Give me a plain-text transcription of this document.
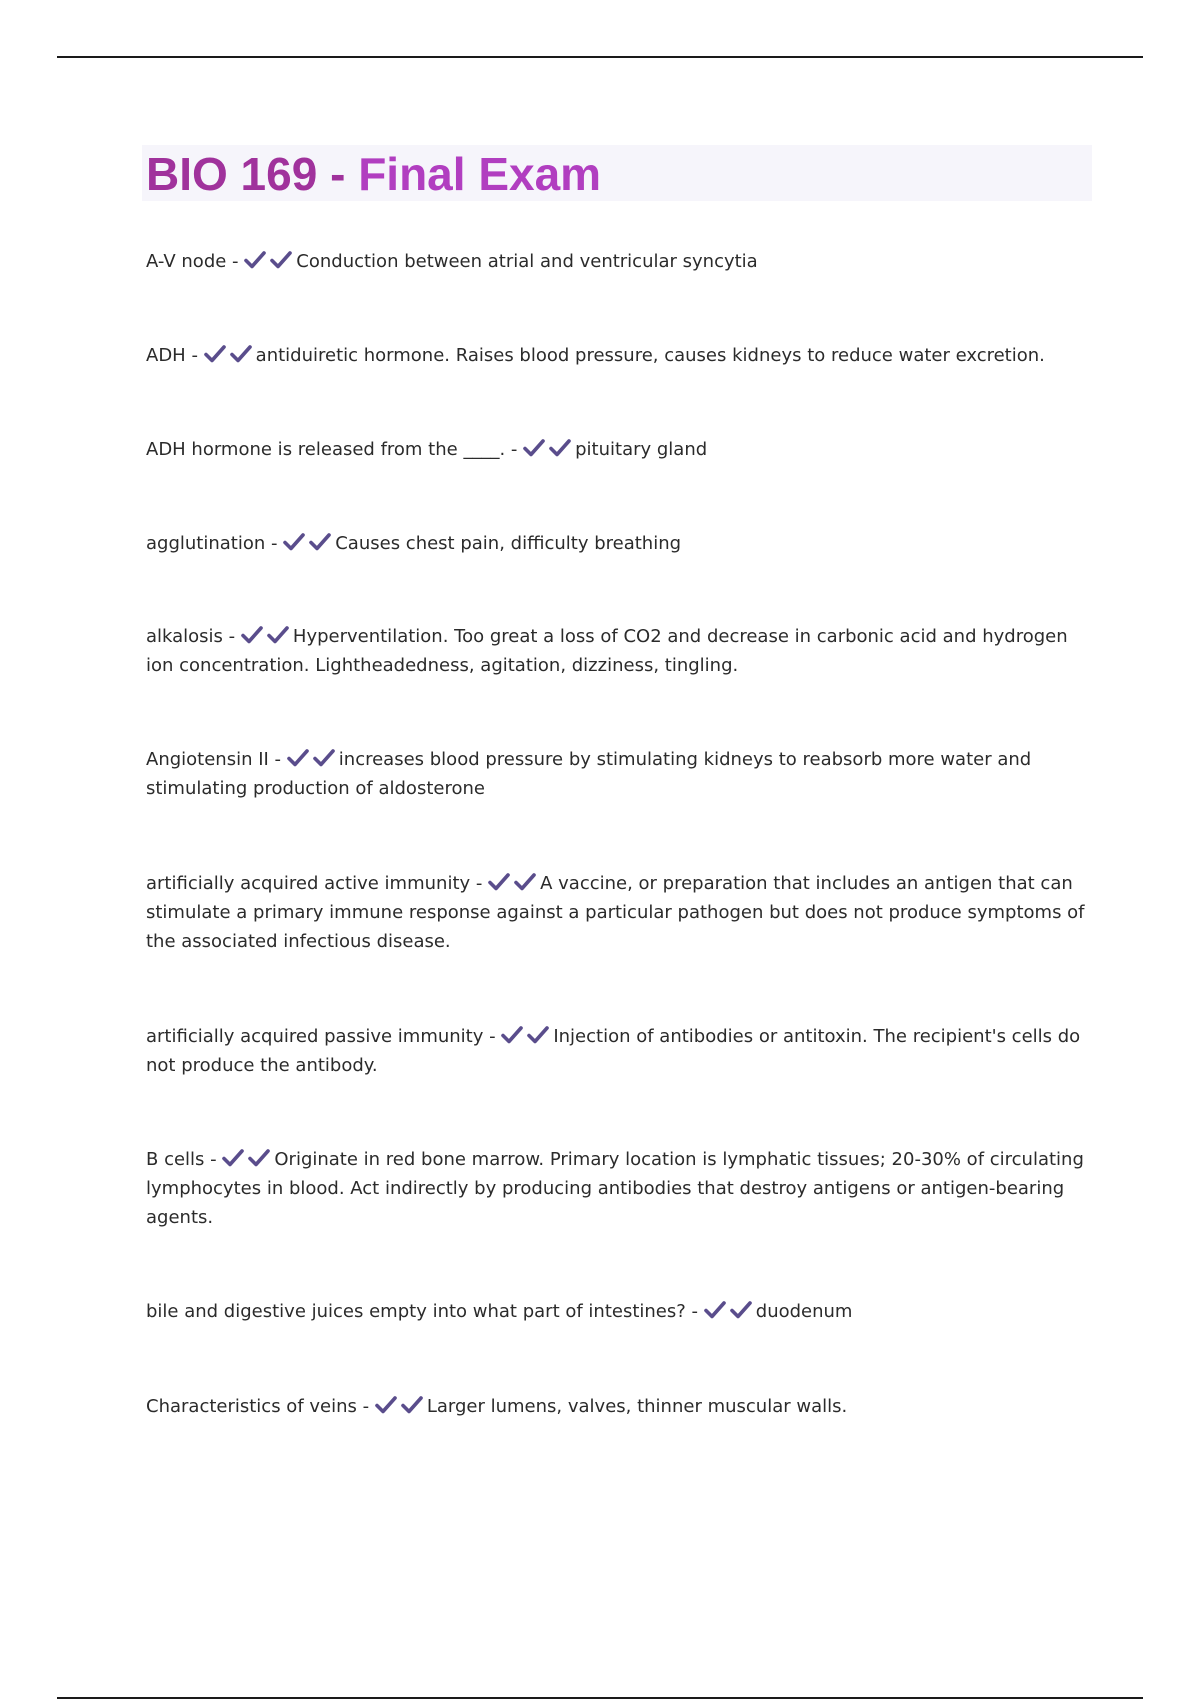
BIO 169 - Final Exam
A-V node -	Conduction between atrial and ventricular syncytia
ADH -	antiduiretic hormone. Raises blood pressure, causes kidneys to reduce water excretion.
ADH hormone is released from the ____. -	pituitary gland
agglutination -	Causes chest pain, difficulty breathing
alkalosis -	Hyperventilation. Too great a loss of CO2 and decrease in carbonic acid and hydrogen ion concentration. Lightheadedness, agitation, dizziness, tingling.
Angiotensin II -	increases blood pressure by stimulating kidneys to reabsorb more water and stimulating production of aldosterone
artificially acquired active immunity -	A vaccine, or preparation that includes an antigen that can stimulate a primary immune response against a particular pathogen but does not produce symptoms of the associated infectious disease.
artificially acquired passive immunity -	Injection of antibodies or antitoxin. The recipient's cells do not produce the antibody.
B cells -	Originate in red bone marrow. Primary location is lymphatic tissues; 20-30% of circulating lymphocytes in blood. Act indirectly by producing antibodies that destroy antigens or antigen-bearing agents.
bile and digestive juices empty into what part of intestines? -	duodenum
Characteristics of veins -	Larger lumens, valves, thinner muscular walls.
